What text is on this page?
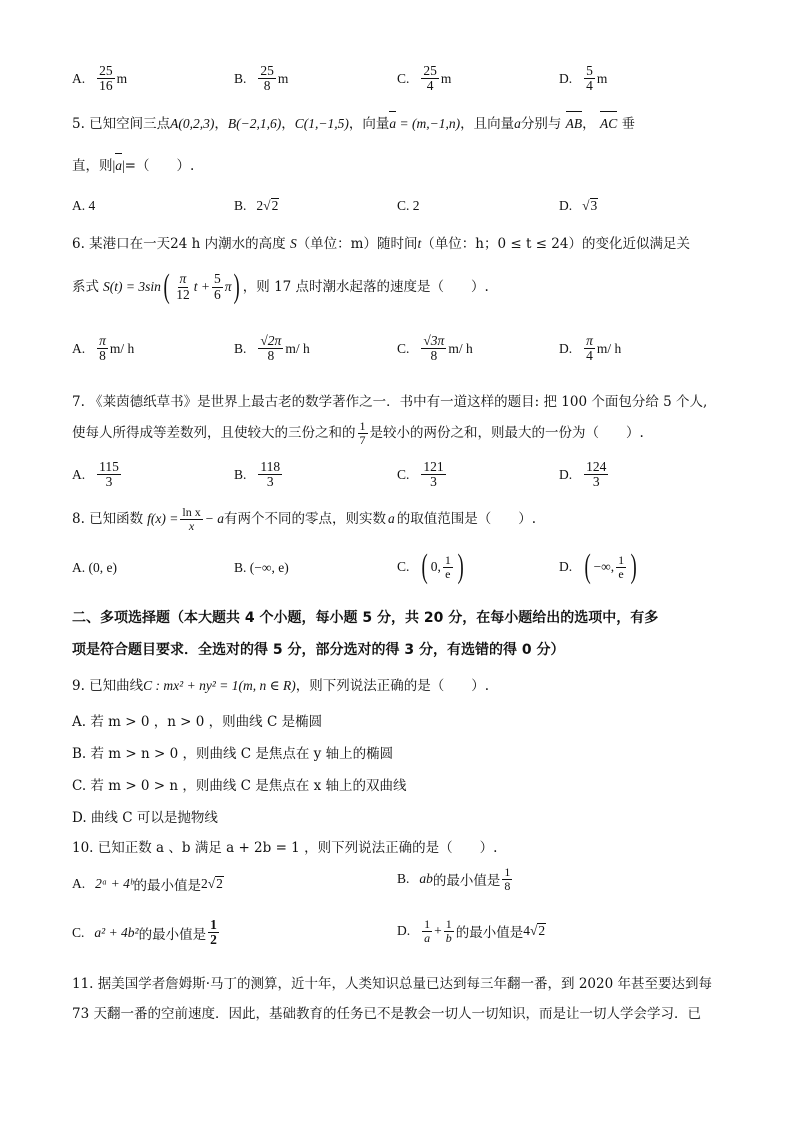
A. $\frac{25}{16}$ m	B. $\frac{25}{8}$ m	C. $\frac{25}{4}$ m	D. $\frac{5}{4}$ m
5. 已知空间三点A(0,2,3)，B(−2,1,6)，C(1,−1,5)，向量a = (m,−1,n)，且向量a分别与 AB， AC 垂
直，则|a|=（　　）.
A. 4	B. 2 √ 2	C. 2	D. √ 3
6. 某港口在一天24 h 内潮水的高度 S（单位：m）随时间t（单位：h；0 ≤ t ≤ 24）的变化近似满足关
系式 S(t) = 3sin ( $\frac{\pi}{12}$ $t + \frac{5}{6}$ π ) ，则 17 点时潮水起落的速度是（　　）.
A. $\frac{\pi}{8} m/$ h	B. $\frac{√2\pi}{8} m/$ h	C. $\frac{√3\pi}{8} m/$ h	D. $\frac{\pi}{4} m/$ h
7. 《莱茵德纸草书》是世界上最古老的数学著作之一．书中有一道这样的题目: 把 100 个面包分给 5 个人,
使每人所得成等差数列，且使较大的三份之和的 $\frac{1}{7}$ 是较小的两份之和，则最大的一份为（　　）.
A. $\frac{115}{3}$	B. $\frac{118}{3}$	C. $\frac{121}{3}$	D. $\frac{124}{3}$
8. 已知函数 $f(x) = \frac{\text{ln x}}{x} - a$ 有两个不同的零点，则实数 a 的取值范围是（　　）.
A. (0, e)	B. (−∞, e)	C. ( 0, $\frac{1}{e}$ )	D. ( −∞, $\frac{1}{e}$ )
二、多项选择题（本大题共 4 个小题，每小题 5 分，共 20 分，在每小题给出的选项中，有多
项是符合题目要求．全选对的得 5 分，部分选对的得 3 分，有选错的得 0 分）
9. 已知曲线C : mx² + ny² = 1(m, n ∈ R)，则下列说法正确的是（　　）.
A. 若 m > 0 ，n > 0 ，则曲线 C 是椭圆
B. 若 m > n > 0 ，则曲线 C 是焦点在 y 轴上的椭圆
C. 若 m > 0 > n ，则曲线 C 是焦点在 x 轴上的双曲线
D. 曲线 C 可以是抛物线
10. 已知正数 a 、b 满足 a + 2b = 1 ，则下列说法正确的是（　　）.
A. 2ᵃ + 4ᵇ 的最小值是 2 √ 2	B. ab 的最小值是 $\frac{1}{8}$
C. a² + 4b² 的最小值是 $\frac{1}{2}$	D. $\frac{1}{a} + \frac{1}{b}$ 的最小值是 4 √ 2
11. 据美国学者詹姆斯·马丁的测算，近十年，人类知识总量已达到每三年翻一番，到 2020 年甚至要达到每
73 天翻一番的空前速度．因此，基础教育的任务已不是教会一切人一切知识，而是让一切人学会学习．已
